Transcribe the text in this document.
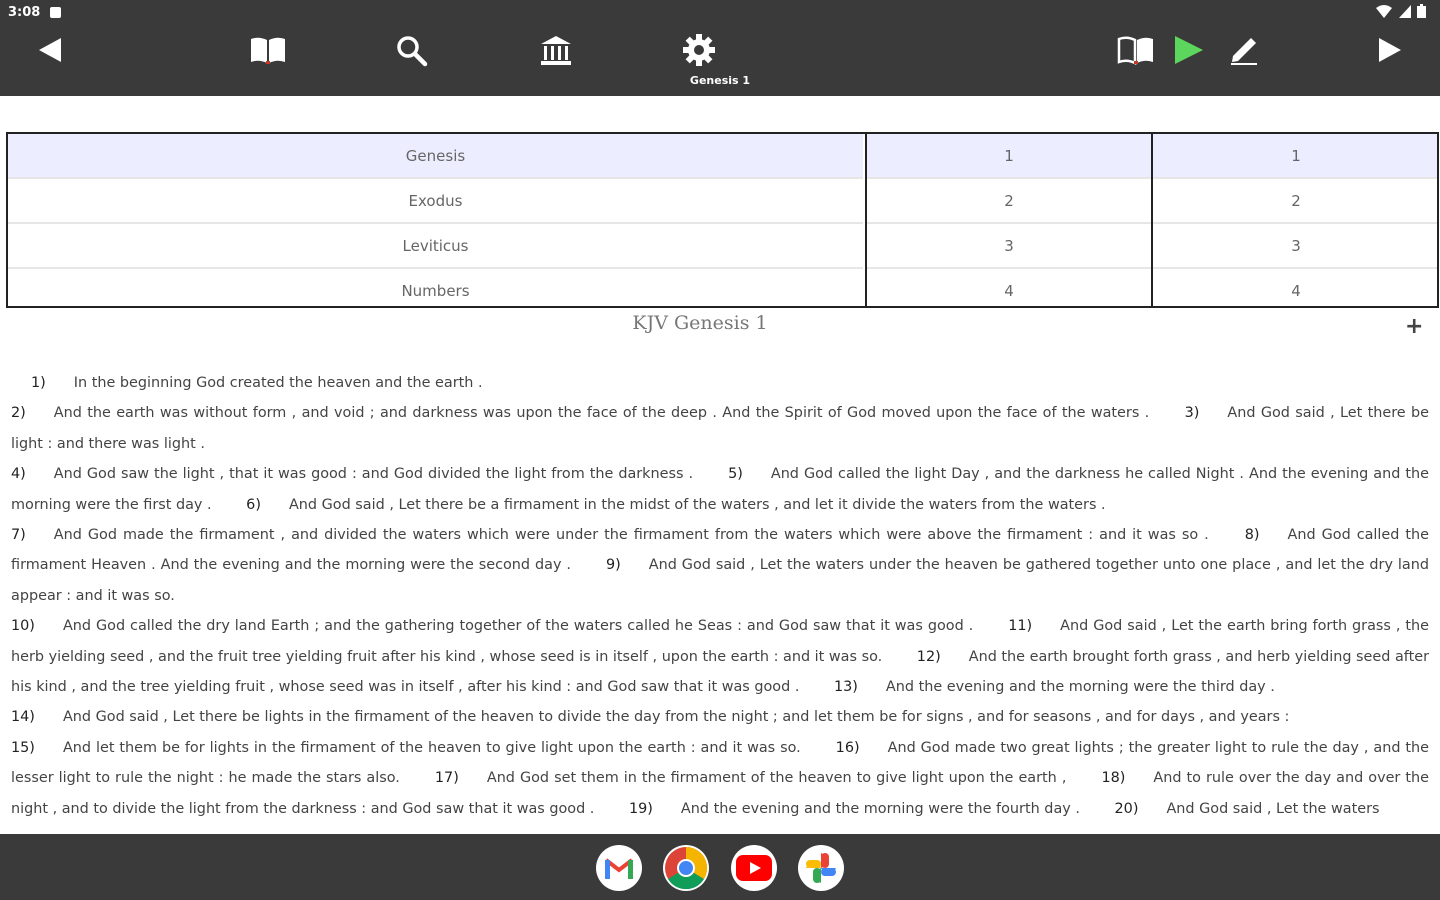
3:08

Genesis 1
Genesis
Exodus
Leviticus
Numbers
1
2
3
4
1
2
3
4
KJV Genesis 1	+
1) In the beginning God created the heaven and the earth .
2) And the earth was without form , and void ; and darkness was upon the face of the deep . And the Spirit of God moved upon the face of the waters . 3) And God said , Let there be light : and there was light .
4) And God saw the light , that it was good : and God divided the light from the darkness . 5) And God called the light Day , and the darkness he called Night . And the evening and the morning were the first day . 6) And God said , Let there be a firmament in the midst of the waters , and let it divide the waters from the waters .
7) And God made the firmament , and divided the waters which were under the firmament from the waters which were above the firmament : and it was so .	8) And God called the firmament Heaven . And the evening and the morning were the second day . 9) And God said , Let the waters under the heaven be gathered together unto one place , and let the dry land appear : and it was so.
10) And God called the dry land Earth ; and the gathering together of the waters called he Seas : and God saw that it was good . 11) And God said , Let the earth bring forth grass , the herb yielding seed , and the fruit tree yielding fruit after his kind , whose seed is in itself , upon the earth : and it was so. 12) And the earth brought forth grass , and herb yielding seed after his kind , and the tree yielding fruit , whose seed was in itself , after his kind : and God saw that it was good . 13) And the evening and the morning were the third day .
14) And God said , Let there be lights in the firmament of the heaven to divide the day from the night ; and let them be for signs , and for seasons , and for days , and years :
15) And let them be for lights in the firmament of the heaven to give light upon the earth : and it was so. 16) And God made two great lights ; the greater light to rule the day , and the lesser light to rule the night : he made the stars also. 17) And God set them in the firmament of the heaven to give light upon the earth , 18) And to rule over the day and over the night , and to divide the light from the darkness : and God saw that it was good . 19) And the evening and the morning were the fourth day . 20) And God said , Let the waters
